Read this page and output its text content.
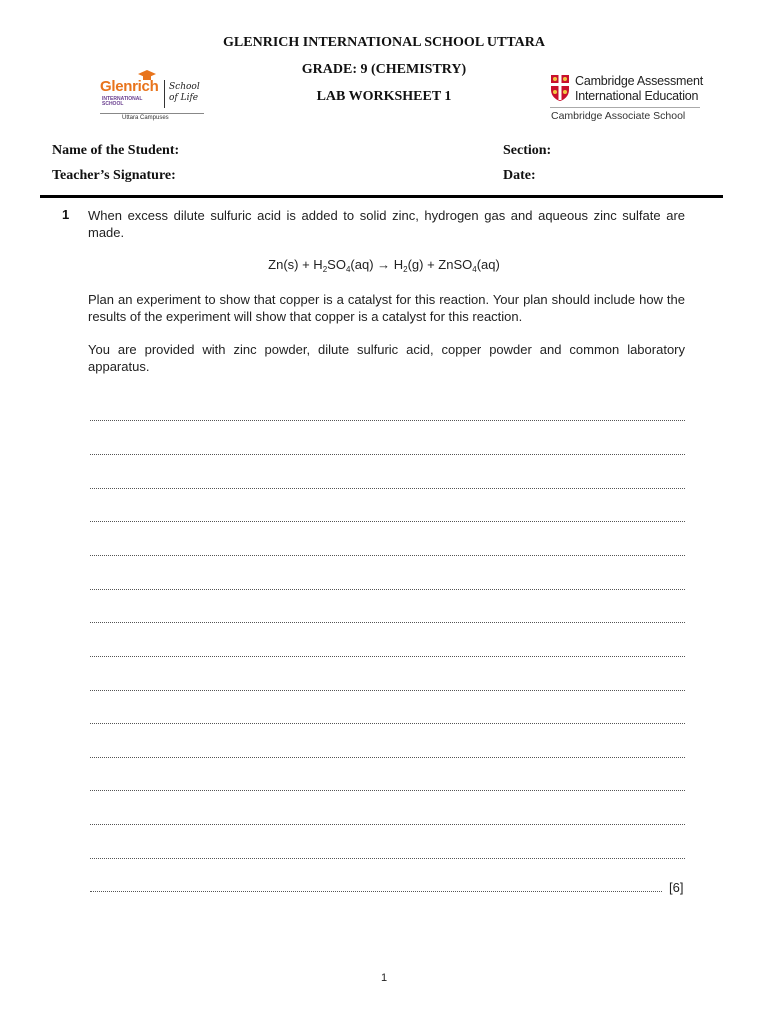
GLENRICH INTERNATIONAL SCHOOL UTTARA
GRADE: 9 (CHEMISTRY)
LAB WORKSHEET 1
Glenrich
INTERNATIONAL
SCHOOL
School
of Life
Uttara Campuses
Cambridge Assessment
International Education
Cambridge Associate School
Name of the Student:
Teacher’s Signature:
Section:
Date:
1 When excess dilute sulfuric acid is added to solid zinc, hydrogen gas and aqueous zinc sulfate are made.
$Zn(s) + H_2SO_4(aq) \to H_2(g)$ + ZnSO$_4$(aq)
Plan an experiment to show that copper is a catalyst for this reaction. Your plan should include how the results of the experiment will show that copper is a catalyst for this reaction.
You are provided with zinc powder, dilute sulfuric acid, copper powder and common laboratory apparatus.
[6]
1
